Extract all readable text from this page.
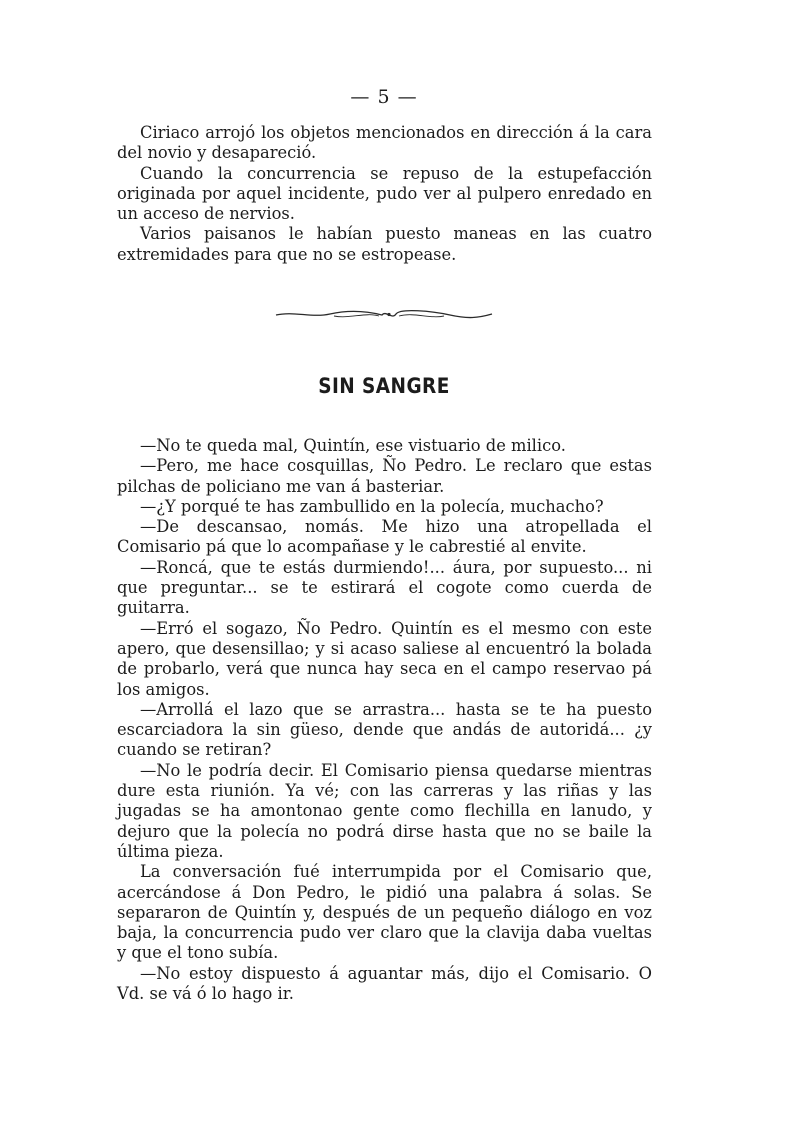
— 5 —

Ciriaco arrojó los objetos mencionados en dirección á la cara del novio y desapareció.

Cuando la concurrencia se repuso de la estupefacción originada por aquel incidente, pudo ver al pulpero enredado en un acceso de nervios.

Varios paisanos le habían puesto maneas en las cuatro extremidades para que no se estropease.

SIN SANGRE

—No te queda mal, Quintín, ese vistuario de milico.

—Pero, me hace cosquillas, Ño Pedro. Le reclaro que estas pilchas de policiano me van á basteriar.

—¿Y porqué te has zambullido en la polecía, muchacho?

—De descansao, nomás. Me hizo una atropellada el Comisario pá que lo acompañase y le cabrestié al envite.

—Roncá, que te estás durmiendo!... áura, por supuesto... ni que preguntar... se te estirará el cogote como cuerda de guitarra.

—Erró el sogazo, Ño Pedro. Quintín es el mesmo con este apero, que desensillao; y si acaso saliese al encuentró la bolada de probarlo, verá que nunca hay seca en el campo reservao pá los amigos.

—Arrollá el lazo que se arrastra... hasta se te ha puesto escarciadora la sin güeso, dende que andás de autoridá... ¿y cuando se retiran?

—No le podría decir. El Comisario piensa quedarse mientras dure esta riunión. Ya vé; con las carreras y las riñas y las jugadas se ha amontonao gente como flechilla en lanudo, y dejuro que la polecía no podrá dirse hasta que no se baile la última pieza.

La conversación fué interrumpida por el Comisario que, acercándose á Don Pedro, le pidió una palabra á solas. Se separaron de Quintín y, después de un pequeño diálogo en voz baja, la concurrencia pudo ver claro que la clavija daba vueltas y que el tono subía.

—No estoy dispuesto á aguantar más, dijo el Comisario. O Vd. se vá ó lo hago ir.
